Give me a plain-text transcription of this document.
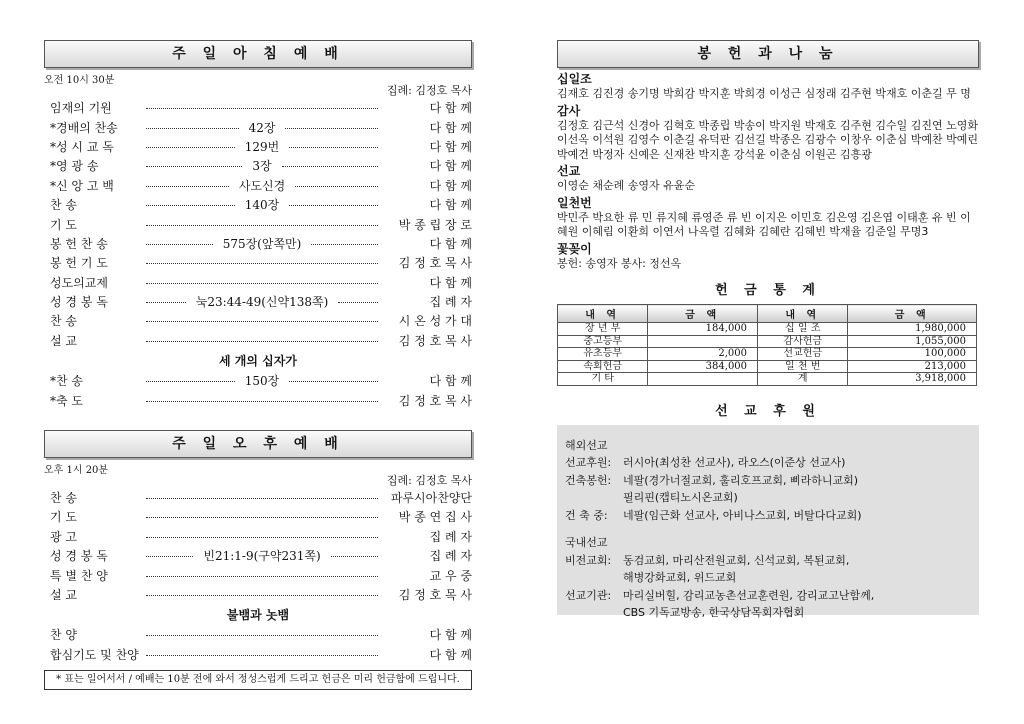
주 일 아 침 예 배
오전 10시 30분
집례: 김정호 목사
임재의 기원	다 함 께
*경배의 찬송	42장	다 함 께
*성 시 교 독	129번	다 함 께
*영 광 송	3장	다 함 께
*신 앙 고 백	사도신경	다 함 께
찬 송	140장	다 함 께
기 도	박 종 립 장 로
봉 헌 찬 송	575장(앞쪽만)	다 함 께
봉 헌 기 도	김 정 호 목 사
성도의교제	다 함 께
성 경 봉 독	눅23:44-49(신약138쪽)	집 례 자
찬 송	시 온 성 가 대
설 교	김 정 호 목 사
세 개의 십자가
*찬 송	150장	다 함 께
*축 도	김 정 호 목 사
주 일 오 후 예 배
오후 1시 20분
집례: 김정호 목사
찬 송	파루시아찬양단
기 도	박 종 연 집 사
광 고	집 례 자
성 경 봉 독	빈21:1-9(구약231쪽)	집 례 자
특 별 찬 양	교 우 중
설 교	김 정 호 목 사
불뱀과 놋뱀
찬 양	다 함 께
합심기도 및 찬양	다 함 께
* 표는 일어서서 / 예배는 10분 전에 와서 정성스럽게 드리고 헌금은 미리 헌금함에 드립니다.
봉 헌 과 나 눔
십일조
김재호 김진경 송기명 박희감 박지훈 박희경 이성근 심정래 김주현 박재호 이춘길 무 명
감사
김정호 김근석 신경아 김혁호 박종립 박송이 박지원 박재호 김주현 김수일 김진연 노영화 이선옥 이석원 김영수 이춘길 유덕판 김선길 박종은 김광수 이창우 이춘심 박예찬 박예린 박예건 박정자 신예은 신재찬 박지훈 강석윤 이춘심 이원곤 김흥광
선교
이영순 채순례 송영자 유윤순
일천번
박민주 박요한 류 민 류지혜 류영준 류 빈 이지은 이민호 김은영 김은엽 이태훈 유 빈 이혜원 이혜림 이환희 이연서 나옥렬 김혜화 김혜란 김혜빈 박재율 김준일 무명3
꽃꽂이
봉헌: 송영자 봉사: 정선옥
헌 금 통 계
내 역	금 액	내 역	금 액
장 년 부	184,000	십 일 조	1,980,000
중고등부		감사헌금	1,055,000
유초등부	2,000	선교헌금	100,000
속회헌금	384,000	일 천 번	213,000
기 타		계	3,918,000
선 교 후 원
해외선교
선교후원:	러시아(최성찬 선교사), 라오스(이준상 선교사)
건축봉헌:	네팔(경가너절교회, 훌리호프교회, 삐라하니교회)
필리핀(캡티노시온교회)
건 축 중:	네팔(임근화 선교사, 아비나스교회, 버탈다다교회)
국내선교
비전교회:	동검교회, 마리산전원교회, 신석교회, 복된교회,
해병강화교회, 위드교회
선교기관:	마리실버힐, 감리교농촌선교훈련원, 감리교고난함께,
CBS 기독교방송, 한국상담목회자협회
